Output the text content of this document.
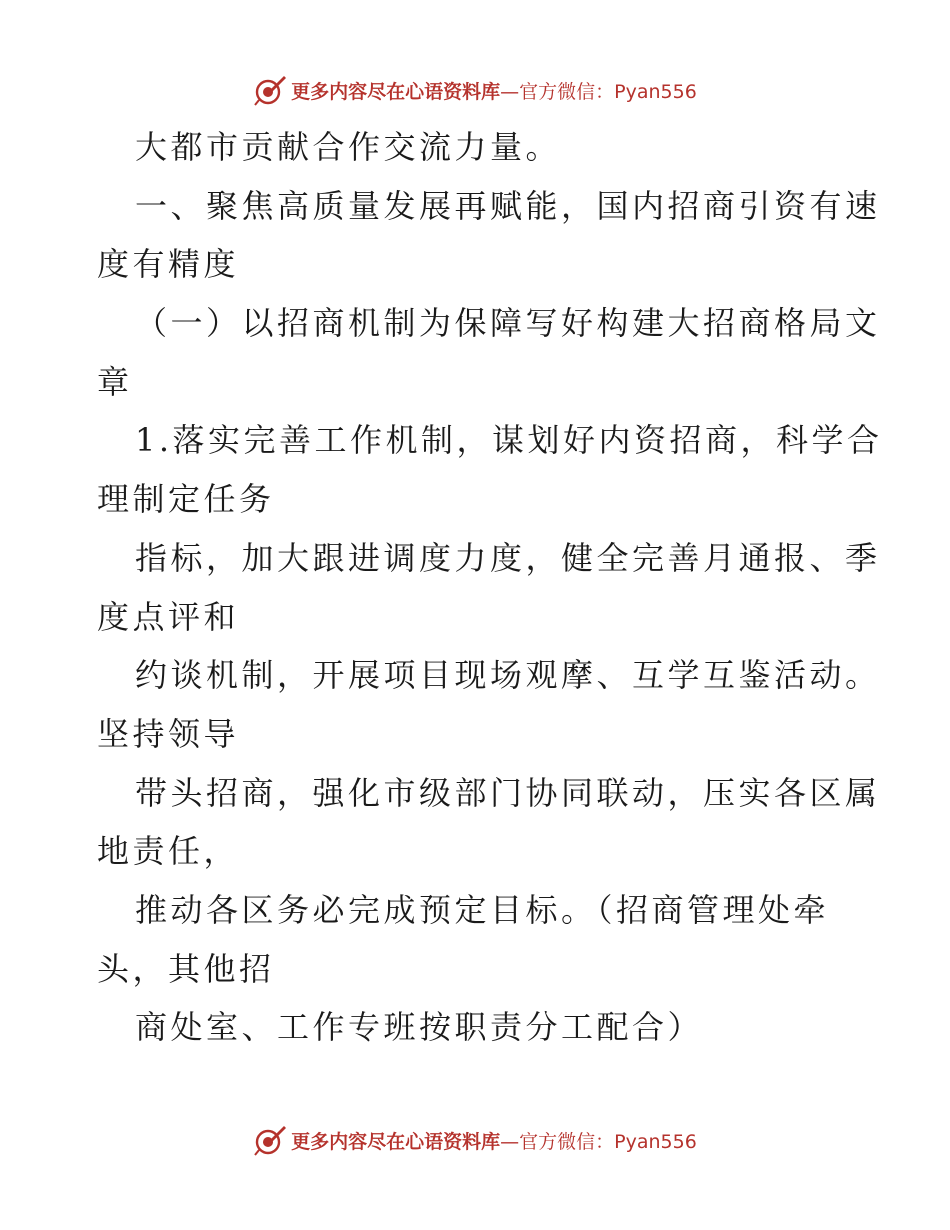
更多内容尽在心语资料库 —官方微信：Pyan556
大都市贡献合作交流力量。
一、聚焦高质量发展再赋能，国内招商引资有速
度有精度
（一）以招商机制为保障写好构建大招商格局文
章
1.落实完善工作机制，谋划好内资招商，科学合
理制定任务
指标，加大跟进调度力度，健全完善月通报、季
度点评和
约谈机制，开展项目现场观摩、互学互鉴活动。
坚持领导
带头招商，强化市级部门协同联动，压实各区属
地责任，
推动各区务必完成预定目标。（招商管理处牵
头，其他招
商处室、工作专班按职责分工配合）
更多内容尽在心语资料库 —官方微信：Pyan556
